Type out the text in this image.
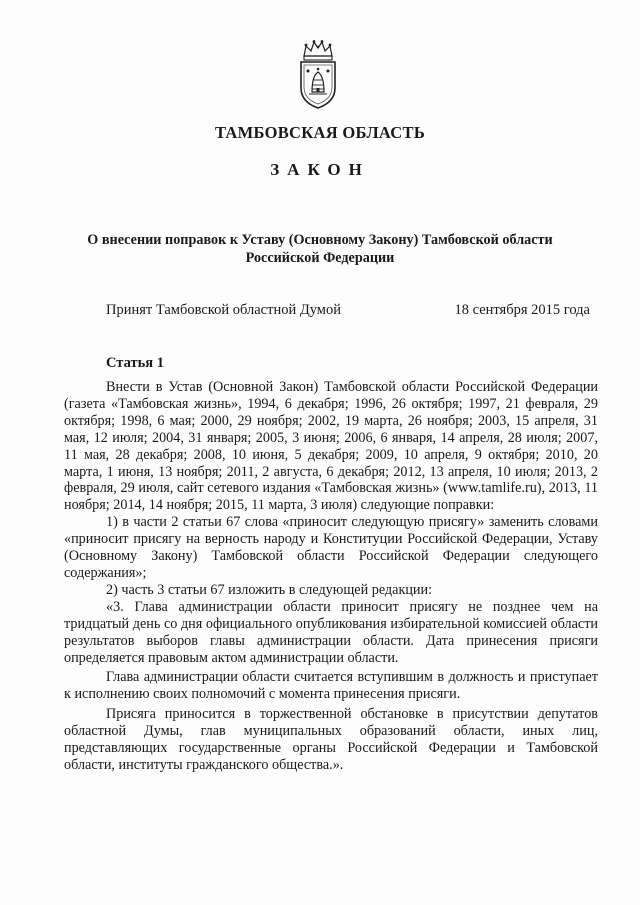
ТАМБОВСКАЯ ОБЛАСТЬ
ЗАКОН
О внесении поправок к Уставу (Основному Закону) Тамбовской области
Российской Федерации
Принят Тамбовской областной Думой	18 сентября 2015 года
Статья 1

Внести в Устав (Основной Закон) Тамбовской области Российской Федерации (газета «Тамбовская жизнь», 1994, 6 декабря; 1996, 26 октября; 1997, 21 февраля, 29 октября; 1998, 6 мая; 2000, 29 ноября; 2002, 19 марта, 26 ноября; 2003, 15 апреля, 31 мая, 12 июля; 2004, 31 января; 2005, 3 июня; 2006, 6 января, 14 апреля, 28 июля; 2007, 11 мая, 28 декабря; 2008, 10 июня, 5 декабря; 2009, 10 апреля, 9 октября; 2010, 20 марта, 1 июня, 13 ноября; 2011, 2 августа, 6 декабря; 2012, 13 апреля, 10 июля; 2013, 2 февраля, 29 июля, сайт сетевого издания «Тамбовская жизнь» (www.tamlife.ru), 2013, 11 ноября; 2014, 14 ноября; 2015, 11 марта, 3 июля) следующие поправки:

1) в части 2 статьи 67 слова «приносит следующую присягу» заменить словами «приносит присягу на верность народу и Конституции Российской Федерации, Уставу (Основному Закону) Тамбовской области Российской Федерации следующего содержания»;

2) часть 3 статьи 67 изложить в следующей редакции:

«3. Глава администрации области приносит присягу не позднее чем на тридцатый день со дня официального опубликования избирательной комиссией области результатов выборов главы администрации области. Дата принесения присяги определяется правовым актом администрации области.

Глава администрации области считается вступившим в должность и приступает к исполнению своих полномочий с момента принесения присяги.

Присяга приносится в торжественной обстановке в присутствии депутатов областной Думы, глав муниципальных образований области, иных лиц, представляющих государственные органы Российской Федерации и Тамбовской области, институты гражданского общества.».
